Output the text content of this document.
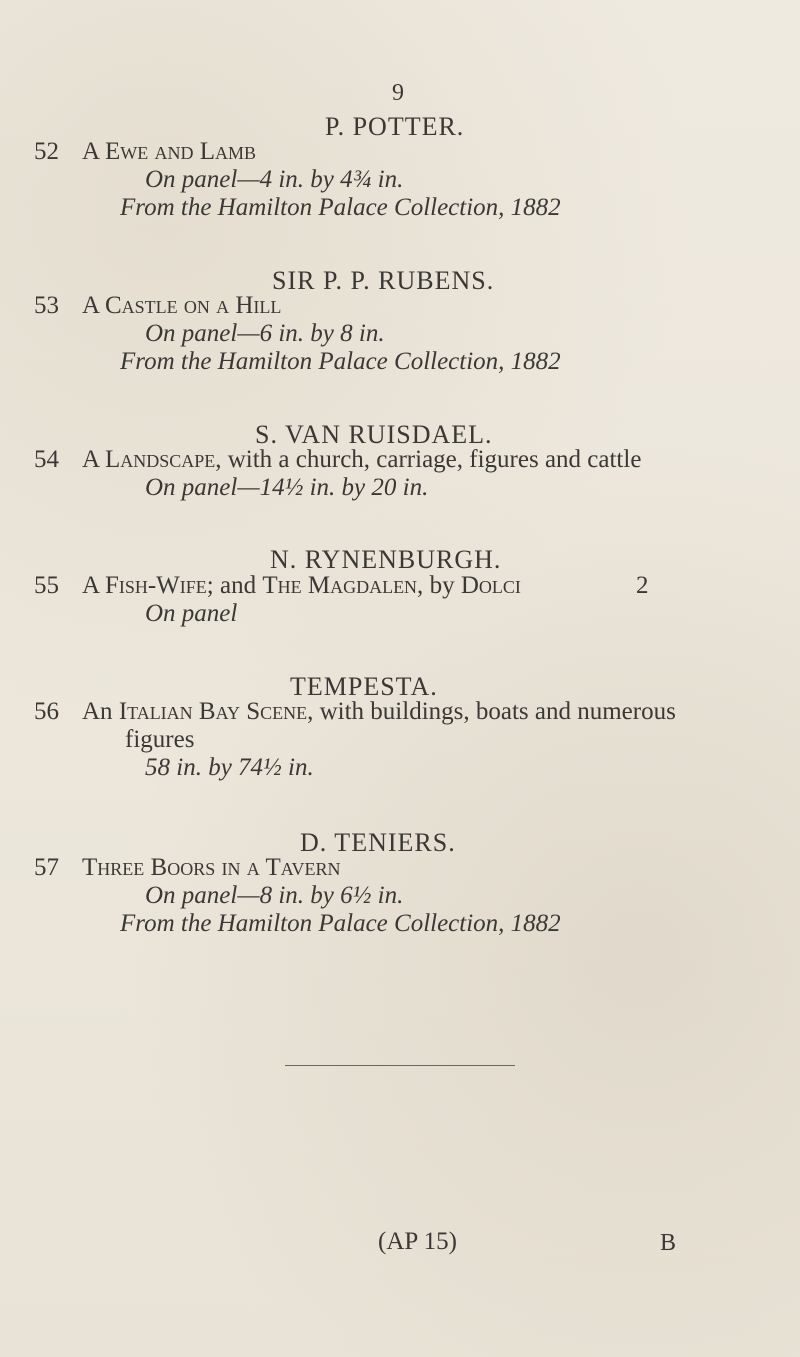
9
P. POTTER.
52 A Ewe and Lamb
On panel—4 in. by 4¾ in.
From the Hamilton Palace Collection, 1882
SIR P. P. RUBENS.
53 A Castle on a Hill
On panel—6 in. by 8 in.
From the Hamilton Palace Collection, 1882
S. VAN RUISDAEL.
54 A Landscape, with a church, carriage, figures and cattle
On panel—14½ in. by 20 in.
N. RYNENBURGH.
55 A Fish-Wife; and The Magdalen, by Dolci	2
On panel
TEMPESTA.
56 An Italian Bay Scene, with buildings, boats and numerous
figures
58 in. by 74½ in.
D. TENIERS.
57 Three Boors in a Tavern
On panel—8 in. by 6½ in.
From the Hamilton Palace Collection, 1882
(AP 15)	B
